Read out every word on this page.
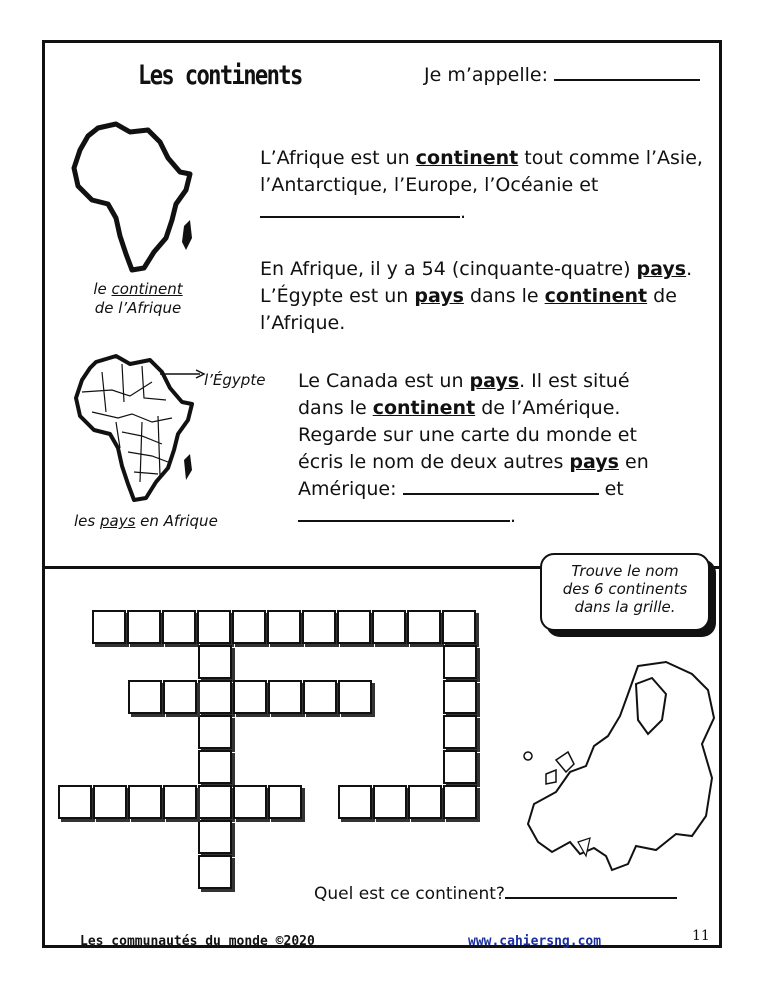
Les continents	Je m’appelle:
le continent
de l’Afrique
L’Afrique est un continent tout comme l’Asie,
l’Antarctique, l’Europe, l’Océanie et
.
En Afrique, il y a 54 (cinquante-quatre) pays.
L’Égypte est un pays dans le continent de
l’Afrique.
l’Égypte
les pays en Afrique
Le Canada est un pays. Il est situé
dans le continent de l’Amérique.
Regarde sur une carte du monde et
écris le nom de deux autres pays en
Amérique:	et
.
Trouve le nom
des 6 continents
dans la grille.
Quel est ce continent?
Les communautés du monde ©2020	www.cahiersng.com	11
